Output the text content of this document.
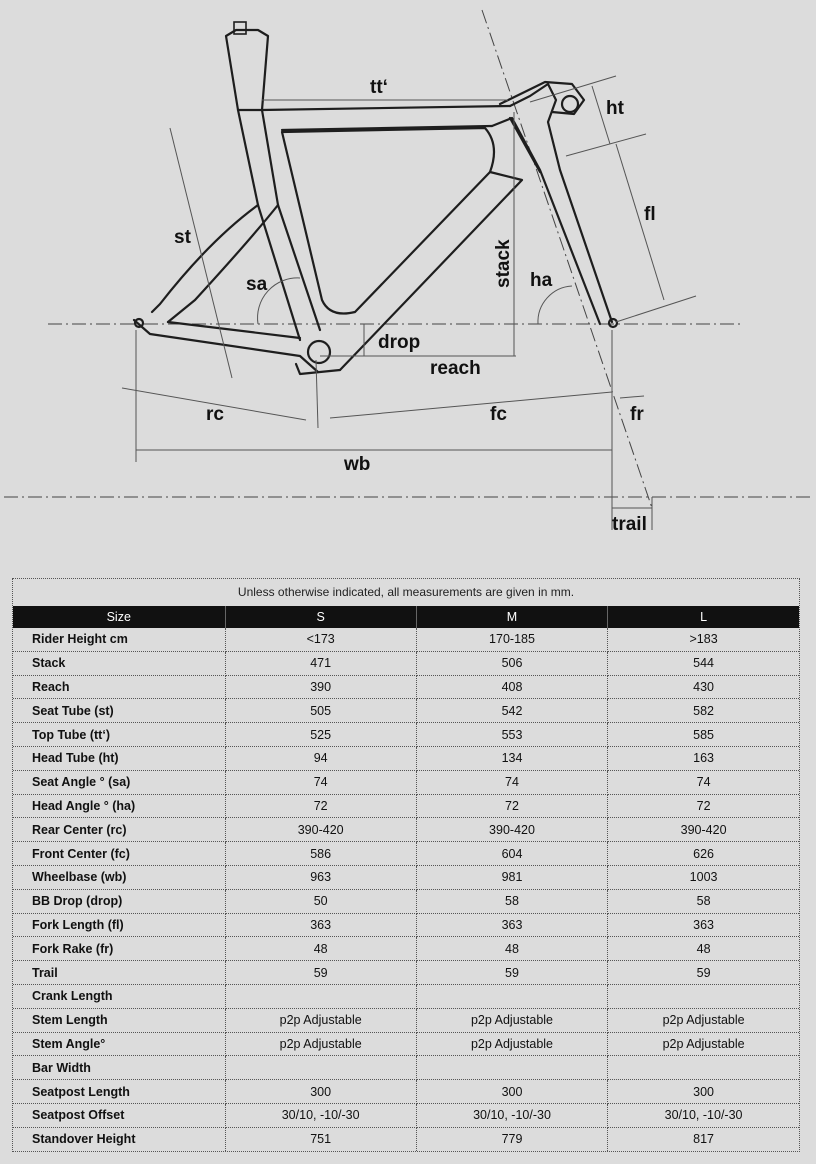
tt‘
ht
st
fl
sa	stack ha
drop
reach
rc	fc	fr
wb
trail
Unless otherwise indicated, all measurements are given in mm.
Size	S	M	L
Rider Height cm	<173	170-185	>183
Stack	471	506	544
Reach	390	408	430
Seat Tube (st)	505	542	582
Top Tube (tt‘)	525	553	585
Head Tube (ht)	94	134	163
Seat Angle ° (sa)	74	74	74
Head Angle ° (ha)	72	72	72
Rear Center (rc)	390-420	390-420	390-420
Front Center (fc)	586	604	626
Wheelbase (wb)	963	981	1003
BB Drop (drop)	50	58	58
Fork Length (fl)	363	363	363
Fork Rake (fr)	48	48	48
Trail	59	59	59
Crank Length			
Stem Length	p2p Adjustable	p2p Adjustable	p2p Adjustable
Stem Angle°	p2p Adjustable	p2p Adjustable	p2p Adjustable
Bar Width			
Seatpost Length	300	300	300
Seatpost Offset	30/10, -10/-30	30/10, -10/-30	30/10, -10/-30
Standover Height	751	779	817
